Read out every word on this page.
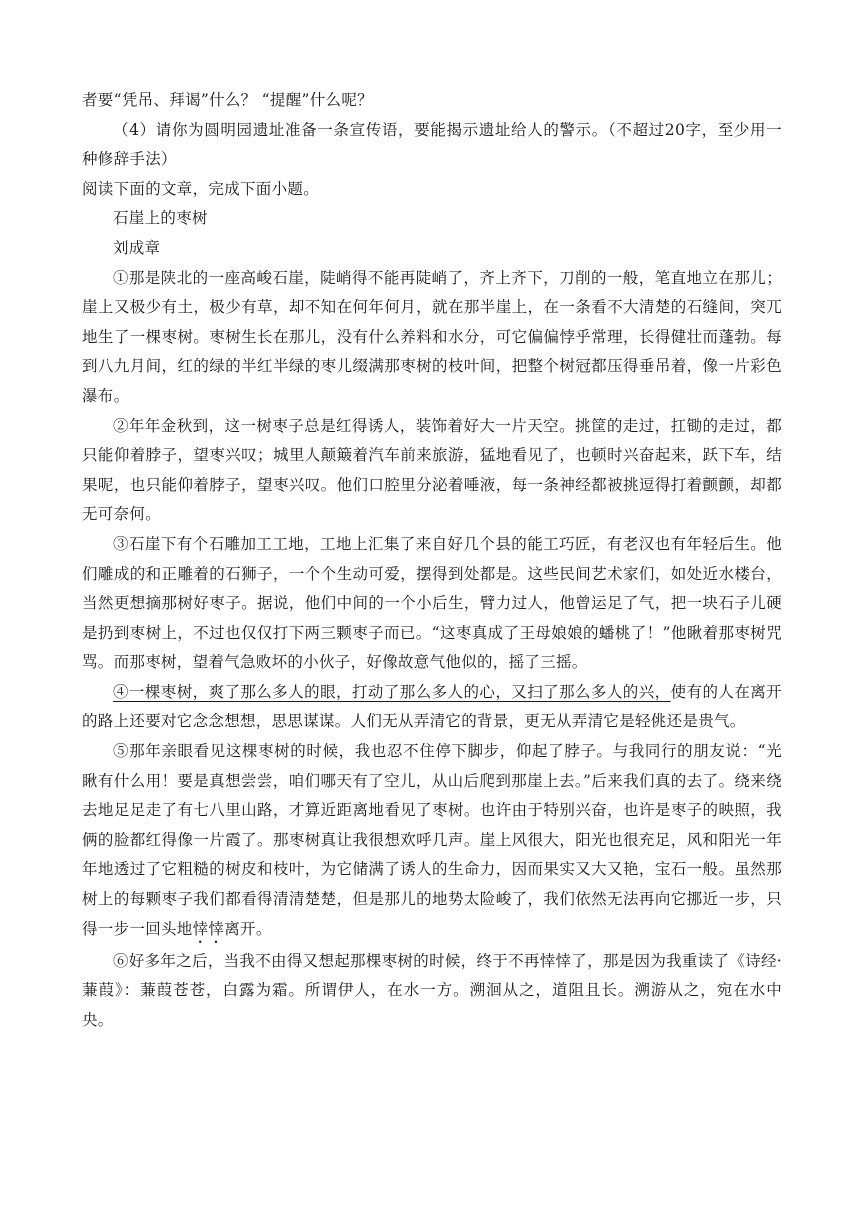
者要“凭吊、拜谒”什么？ “提醒”什么呢？

（4）请你为圆明园遗址准备一条宣传语，要能揭示遗址给人的警示。（不超过20字，至少用一种修辞手法）

阅读下面的文章，完成下面小题。

石崖上的枣树

刘成章

①那是陕北的一座高峻石崖，陡峭得不能再陡峭了，齐上齐下，刀削的一般，笔直地立在那儿；崖上又极少有土，极少有草，却不知在何年何月，就在那半崖上，在一条看不大清楚的石缝间，突兀地生了一棵枣树。枣树生长在那儿，没有什么养料和水分，可它偏偏悖乎常理，长得健壮而蓬勃。每到八九月间，红的绿的半红半绿的枣儿缀满那枣树的枝叶间，把整个树冠都压得垂吊着，像一片彩色瀑布。

②年年金秋到，这一树枣子总是红得诱人，装饰着好大一片天空。挑筐的走过，扛锄的走过，都只能仰着脖子，望枣兴叹；城里人颠簸着汽车前来旅游，猛地看见了，也顿时兴奋起来，跃下车，结果呢，也只能仰着脖子，望枣兴叹。他们口腔里分泌着唾液，每一条神经都被挑逗得打着颤颤，却都无可奈何。

③石崖下有个石雕加工工地，工地上汇集了来自好几个县的能工巧匠，有老汉也有年轻后生。他们雕成的和正雕着的石狮子，一个个生动可爱，摆得到处都是。这些民间艺术家们，如处近水楼台，当然更想摘那树好枣子。据说，他们中间的一个小后生，臂力过人，他曾运足了气，把一块石子儿硬是扔到枣树上，不过也仅仅打下两三颗枣子而已。“这枣真成了王母娘娘的蟠桃了！”他瞅着那枣树咒骂。而那枣树，望着气急败坏的小伙子，好像故意气他似的，摇了三摇。

④一棵枣树，爽了那么多人的眼，打动了那么多人的心，又扫了那么多人的兴，使有的人在离开的路上还要对它念念想想，思思谋谋。人们无从弄清它的背景，更无从弄清它是轻佻还是贵气。

⑤那年亲眼看见这棵枣树的时候，我也忍不住停下脚步，仰起了脖子。与我同行的朋友说：“光瞅有什么用！要是真想尝尝，咱们哪天有了空儿，从山后爬到那崖上去。”后来我们真的去了。绕来绕去地足足走了有七八里山路，才算近距离地看见了枣树。也许由于特别兴奋，也许是枣子的映照，我俩的脸都红得像一片霞了。那枣树真让我很想欢呼几声。崖上风很大，阳光也很充足，风和阳光一年年地透过了它粗糙的树皮和枝叶，为它储满了诱人的生命力，因而果实又大又艳，宝石一般。虽然那树上的每颗枣子我们都看得清清楚楚，但是那儿的地势太险峻了，我们依然无法再向它挪近一步，只得一步一回头地悻悻离开。

⑥好多年之后，当我不由得又想起那棵枣树的时候，终于不再悻悻了，那是因为我重读了《诗经·蒹葭》：蒹葭苍苍，白露为霜。所谓伊人，在水一方。溯洄从之，道阻且长。溯游从之，宛在水中央。
